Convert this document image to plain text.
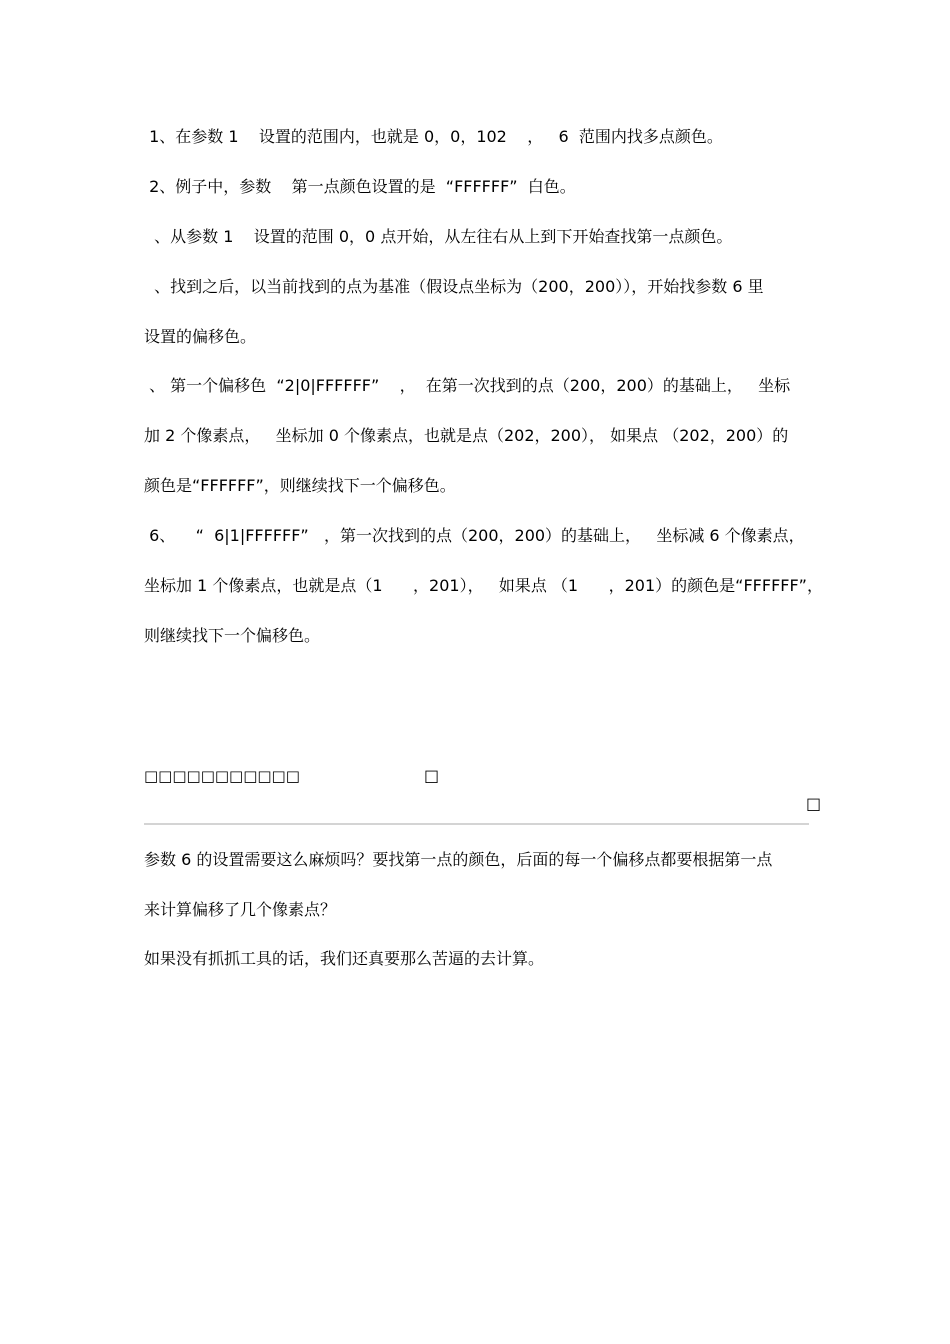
1、在参数 1    设置的范围内，也就是 0，0，102    ，   6  范围内找多点颜色。
2、例子中，参数    第一点颜色设置的是  “FFFFFF”  白色。
、从参数 1    设置的范围 0，0 点开始，从左往右从上到下开始查找第一点颜色。
、找到之后，以当前找到的点为基准（假设点坐标为（200，200）），开始找参数 6 里
设置的偏移色。
、 第一个偏移色  “2|0|FFFFFF”    ，  在第一次找到的点（200，200）的基础上，   坐标
加 2 个像素点，   坐标加 0 个像素点，也就是点（202，200）， 如果点 （202，200）的
颜色是“FFFFFF”，则继续找下一个偏移色。
6、    “  6|1|FFFFFF”   ，第一次找到的点（200，200）的基础上，   坐标减 6 个像素点，
坐标加 1 个像素点，也就是点（1      ，201），   如果点 （1      ，201）的颜色是“FFFFFF”，
则继续找下一个偏移色。
□□□□□□□□□□□	□
□
参数 6 的设置需要这么麻烦吗？要找第一点的颜色，后面的每一个偏移点都要根据第一点
来计算偏移了几个像素点？
如果没有抓抓工具的话，我们还真要那么苦逼的去计算。
